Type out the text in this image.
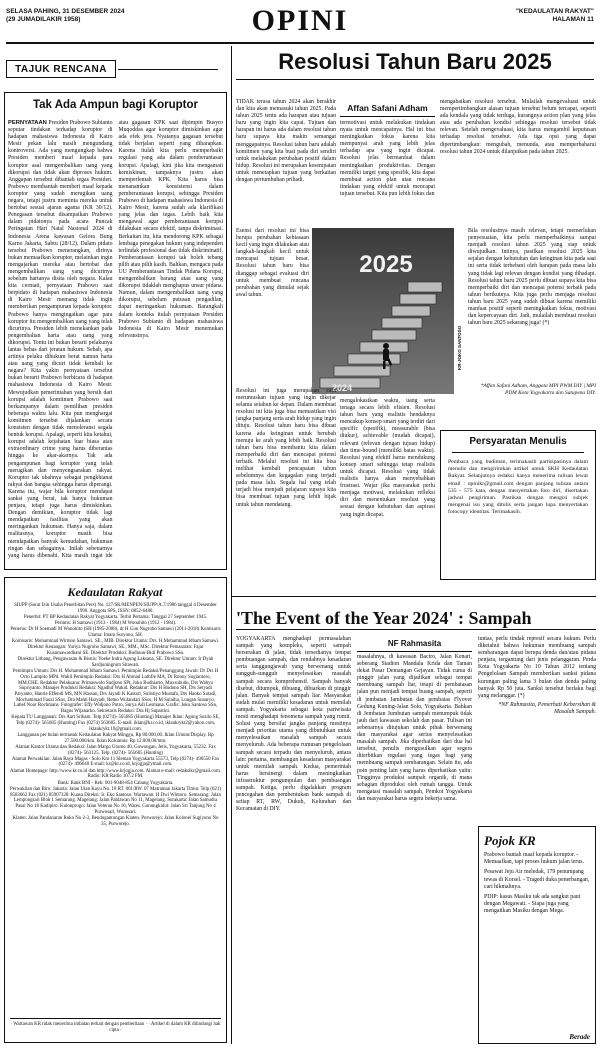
SELASA PAHING, 31 DESEMBER 2024
(29 JUMADILAKIR 1958)	OPINI	"KEDAULATAN RAKYAT"
HALAMAN 11
TAJUK RENCANA
Tak Ada Ampun bagi Koruptor
PERNYATAAN Presiden Prabowo Subianto seputar tindakan terhadap koruptor di hadapan mahasiswa Indonesia di Kairo Mesir pekan lalu masih mengundang kontroversi. Ada yang mengungkap bahwa Presiden memberi maaf kepada para koruptor asal mengembalikan uang yang dikorupsi dan tidak akan diproses hukum. Anggapan tersebut dibantah tegas Presiden. Prabowo membantah memberi maaf kepada koruptor yang sudah merugikan uang negara, tetapi justru meminta mereka untuk bertobat sesuai ajaran agama (KR 30/12). Penegasan tersebut disampaikan Prabowo dalam pidatonya pada acara Puncak Peringatan Hari Natal Nasional 2024 di Indonesia Arena kawasan Gelora Bung Karno Jakarta, Sabtu (28/12). Dalam pidato tersebut Prabowo menerangkan, dirinya bukan memaafkan koruptor, melainkan ingin mengajarkan mereka atau bertobat dan mengembalikan uang yang dicurinya sebelum hartanya disita oleh negara. Kalau kita cermati, pernyataan Prabowo saat berpidato di hadapan mahasiswa Indonesia di Kairo Mesir memang tidak ingin memberikan pengampunan kepada koruptor. Prabowo hanya mengingatkan agar para koruptor itu mengembalikan uang yang telah dicurinya. Presiden lebih menekankan pada pengembalian harta atau uang yang dikorupsi. Tentu ini bukan berarti pelakunya lantas bebas dari jeratan hukum. Sebab, apa artinya pelaku dihukum berat namun harta atau uang yang dicuri tidak kembali ke negara? Kita yakin pernyataan tersebut bukan berarti Prabowo berbicara di hadapan mahasiswa Indonesia di Kairo Mesir. Mewujudkan pemerintahan yang bersih dari korupsi adalah komitmen Prabowo saat berkampanye dalam pemilihan presiden beberapa waktu lalu. Kita pun menghargai komitmen tersebut dijalankan secara konsisten dengan tidak menoleransi segala bentuk korupsi. Apalagi, seperti kita ketahui, korupsi adalah kejahatan luar biasa atau extraordinary crime yang harus diberantas hingga ke akar-akarnya. Tak ada pengampunan bagi koruptor yang telah merugikan dan menyengsarakan rakyat. Koruptor tak ubahnya sebagai pengkhianat rakyat dan bangsa sehingga harus diperangi. Karena itu, wajar bila koruptor mendapat sanksi yang berat, tak hanya hukuman penjara, tetapi juga harus dimiskinkan. Dengan demikian, koruptor tidak lagi mendapatkan fasilitas yang akan meringankan hukuman. Hanya saja, dalam realitasnya, koruptor masih bisa mendapatkan banyak kemudahan, hukuman ringan dan sebagainya. Inilah sebenarnya yang harus dibenahi. Kita masih ingat ide atau gagasan KPK saat dipimpin Busyro Muqoddas agar koruptor dimiskinkan agar ada efek jera. Nyatanya gagasan tersebut tidak berjalan seperti yang diharapkan. Karena itulah kita perlu memperbaiki regulasi yang ada dalam pemberantasan korupsi. Apalagi, kini jika kita mengamati kemiskinan, tampaknya justru akan memperlemah KPK. Kita harus bisa menanamkan konsistensi dalam pemberantasan korupsi, sehingga Presiden Prabowo di hadapan mahasiswa Indonesia di Kairo Mesir, karena sudah ada klarifikasi yang jelas dan tegas. Lebih baik kita mengawal agar pemberantasan korupsi dilakukan secara efektif, tanpa diskriminasi. Berkaitan itu, kita mendorong KPK sebagai lembaga penegakan hukum yang independen terlindak profesional dan tidak diskriminatif. Pemberantasan korupsi tak boleh tebang pilih atau pilih kasih. Bahkan, mengacu pada UU Pemberantasan Tindak Pidana Korupsi, mengembalikan barang atau uang yang dikorupsi tidaklah menghapus unsur pidana. Namun, dalam mengembalikan uang yang dikorupsi, sebelum putusan pengadilan, dapat meringankan hukuman. Barangkali dalam konteks itulah pernyataan Presiden Prabowo Subianto di hadapan mahasiswa Indonesia di Kairo Mesir menemukan relevansinya.
Kedaulatan Rakyat

SIUPP (Surat Izin Usaha Penerbitan Pers) No. 127/SK/MENPEN/SIUPP/A.7/1986 tanggal 4 Desember 1990. Anggota SPS, ISSN: 0852-6486.

Penerbit: PT BP Kedaulatan Rakyat Yogyakarta. Terbit Pertama: Tanggal 27 September 1945.

Perintis: H Samawi (1913 - 1984) M Wonohito (1912 - 1984).

Penerus: Dr H Soemadi M Wonohito (SH (1985-2008), dr H Gun Nugroho Samawi (2011-2018) Komisaris Utama: Imam Suryono, SH.

Komisaris: Mohammad Wirmon Samawi, SE., MIB. Direktur Utama: Drs. H.Mohammad Idham Samawi.

Direktur Keuangan: Yuriya Nugroho Samawi, SE., MM., MSc. Direktur Pemasaran: Fajar Kusumawardhani SE. Direktur Produksi: Budiono-Bidi Prabowo SSn.

Direktur Litbang, Pengawasan & Bisnis: Yoeke Indra Agung Laksana, SE. Direktur Umum: Ir Dyah Sardjuningrum Sitawati.

Pemimpin Umum: Drs H. Mohammad Idham Samawi. Pemimpin Redaksi/Penanggung Jawab: Dr Drs H Octo Lampito MPd. Wakil Pemimpin Redaksi: Drs H Ahmad Luthfie MA, Dr Ronny Sugiantoro, MM,CHE. Redaktur Pelaksana: Primaswolo Sudjono SPt, Joko Budhiarto, Muxsubudu, Drs Wahyu Supriyanto. Manajer Produksi Redaksi: Ngadiuf Wakid. Redaktur: Drs H Hudono SH, Drs Setyadi Paryanto, Hanrie Effendi MS, MN Hassan, Drs Jayadi K Kastari, Sulistiyo Mustafa, Drs Haoko Sutadi, Mochammad Fauzi SSos, Dra Mahti Haryadi, Retno Wulandari SSos, H M Sulaiha, Lungan Sunaryo, Latief Noor Rochmans. Fotografer: Effy Widjono Putro, Surya Adi Lesmana. Grafis: Joko Santoso SSn, Bagus Wijanarko. Sekretaris Redaksi: Dra Hj Supartini.

Kepala TU Langganan: Drs Aart Sriham. Telp (0274)- 565685 (Hunting) Manajer Iklan: Agung Susilo SE, Telp (0274)- 565685 (Hunting) Fax (0274) 563685. E-mail: iklan@kr.co.id, iklankrykt2@yahoo.com, iklankrykt.19@gmail.com.

Langganan per bulan termasuk Kedaulatan Rakyat Minggu, Rp 80.000,00. Iklan Umum/Display. Rp 27.500.000/km. Iklan Kolumnis: Rp 12.000,00/mm.

Alamat Kantor Utama dan Redaksi: Jalan Margo Utomo 40, Gowongan, Jetis, Yogyakarta, 55232. Fax (0274)- 563125. Telp. (0274)- 565685 (Hunting)

Alamat Perwakilan: Jalan Raya Magas - Solo Km 11 Sleman Yogyakarta 55573, Telp (0274)- 496550 Fax (0274)- 496640 E-mail: kr@kr.co.id, krjogja@ymail.com.

Alamat Homepage: http://www.kr.co.id dan http://www.krjogja.com. Alamat e-mail: redaksikr@gmail.com. Radio: KR Radio 107.2 FM.

Bank: Bank BNI - Rek: 001-9048-854 Cabang Yogyakarta.

Perwakilan dan Biro: Jakarta: Jalan Utan Kayu No. 18 RT. 001/RW. 07 Matraman Jakarta Timur. Telp (021) 8583662 Fax (021) 85907328. Kuasa Direksi: Ir. Eko Santoso. Wartawan: H Dwi Wintoro. Semarang: Jalan Lempongsari Blok 1 Semarang. Magelang: Jalan Pahlawan No 11, Magelang. Surakarta: Jalan Samudra Pasai No 18 Kadipiro. Kulonprogo: Jalan Veteran No 16, Wates. Gunungkidul: Jalan Sri Tanjung No 4 Purwosari, Wonosari.

Klaten: Jalan Pandanaran Ruko No 2-3, Bendogantungan Klaten. Purworejo: Jalan Kolonel Sugiyono No 35, Purworejo.

· Wartawan KR tidak menerima imbalan terkait dengan pemberitaan · · Artikel di dalam KR dilindungi hak cipta ·
Resolusi Tahun Baru 2025
TIDAK terasa tahun 2024 akan berakhir dan kita akan memasuki tahun 2025. Pada tahun 2025 tentu ada harapan atau tujuan baru yang ingin kita capai. Tujuan dan harapan ini harus ada dalam resolusi tahun baru supaya kita makin semangat menggapainya. Resolusi tahun baru adalah komitmen yang kita buat pada diri sendiri untuk melakukan perubahan positif dalam hidup. Resolusi ini merupakan kesempatan untuk menetapkan tujuan yang berkaitan dengan pertumbuhan pribadi.
Affan Safani Adham
termotivasi untuk melakukan tindakan nyata untuk mencapainya. Hal ini bisa meningkatkan fokus karena kita mempunyai arah yang lebih jelas terhadap apa yang ingin dicapai. Resolusi jelas bermanfaat dalam meningkatkan produktivitas. Dengan memiliki target yang spesifik, kita dapat membuat action plan atau rencana tindakan yang efektif untuk mencapai tujuan tersebut. Kita pun lebih fokus dan
mengabaikan resolusi tersebut. Mulailah mengevaluasi untuk mempertimbangkan alasan tujuan tersebut belum tercapai, seperti ada kendala yang tidak terduga, kurangnya action plan yang jelas atau ada perubahan kondisi sehingga resolusi tersebut tidak relevan. Setelah mengevaluasi, kita harus mengambil keputusan terhadap resolusi tersebut. Ada tiga opsi yang dapat dipertimbangkan: mengubah, menunda, atau memperbaharui resolusi tahun 2024 untuk dilanjutkan pada tahun 2025.
Esensi dari resolusi ini bisa berupa perubahan kebiasaan kecil yang ingin dilakukan atau langkah-langkah kecil untuk mencapai tujuan besar. Resolusi tahun baru bisa dianggap sebagai evaluasi diri untuk membuat rencana perubahan yang dimulai sejak awal tahun.
2025
2024
KR-JOKO SANTOSO
Bila resolusinya masih relevan, tetapi memerlukan penyesuaian, kita perlu memperbaikinya sampai menjadi resolusi tahun 2025 yang siap untuk diwujudkan. Intinya, pastikan resolusi 2025 kita sejalan dengan kebutuhan dan keinginan kita pada saat ini serta tidak terbebani oleh harapan pada masa lalu yang tidak lagi relevan dengan kondisi yang dihadapi. Resolusi tahun baru 2025 perlu dibuat supaya kita bisa memperbaiki diri dan mencapai potensi terbaik pada tahun berikutnya. Kita juga perlu menjaga resolusi tahun baru 2025 yang sudah dibuat karena memiliki manfaat positif seperti meningkatkan fokus, motivasi dan kepercayaan diri. Jadi, mulailah membuat resolusi tahun baru 2025 sekarang juga! (*)
*Affan Safani Adham, Anggota MPI PWM DIY | MPI PDM Kota Yogyakarta dan Satupena DIY.
Resolusi ini juga merupakan cara merumuskan tujuan yang ingin dikejar selama setahun ke depan. Dalam membuat resolusi ini kita juga bisa memastikan visi jangka panjang serta arah hidup yang ingin dituju. Resolusi tahun baru bisa dibuat karena ada keinginan untuk berubah menuju ke arah yang lebih baik. Resolusi tahun baru bisa membantu kita dalam memperbaiki diri dan mencapai potensi terbaik. Melalui resolusi ini kita bisa melihat kembali pencapaian tahun sebelumnya dan kegagalan yang terjadi pada masa lalu. Segala hal yang telah terjadi bisa menjadi pelajaran supaya kita bisa membuat tujuan yang lebih bijak untuk tahun mendatang.
mengalokasikan waktu, uang serta tenaga secara lebih efisien. Resolusi tahun baru yang realistis hendaknya mencakup konsep smart yang terdiri dari specific (spesifik), measurable (bisa diukur), achievable (mudah dicapai), relevant (relevan dengan tujuan hidup) dan time-bound (memiliki batas waktu). Resolusi yang efektif harus mendukung konsep smart sehingga tetap realistis untuk dicapai. Resolusi yang tidak realistis hanya akan menyebabkan frustrasi. Wajar jika masyarakat perlu menjaga motivasi, melakukan refleksi diri dan menentukan resolusi yang sesuai dengan kebutuhan dan aspirasi yang ingin dicapai.
Persyaratan Menulis
Pembaca yang budiman, terimakasih partisipasinya dalam menulis dan mengirimkan artikel untuk SKH Kedaulatan Rakyat. Selanjutnya redaksi hanya menerima tulisan lewat email : opinikr@gmail.com dengan panjang tulisan antara 535 - 575 kata, dengan menyertakan foto diri, disertakan jadwal pengiriman. Pastikan dengan mengisi subjek mengenai isu yang ditulis serta jangan lupa menyertakan fotocopy identitas. Terimakasih.
'The Event of the Year 2024' : Sampah
YOGYAKARTA menghadapi permasalahan sampah yang kompleks, seperti sampah berserakan di jalan, tidak tersedianya tempat pembuangan sampah, dan rendahnya kesadaran serta tanggungjawab yang berwenang untuk sungguh-sungguh menyelesaikan masalah sampah secara komprehensif. Sampah banyak disebut, ditumpuk, dibuang, dibiarkan di pinggir jalan. Banyak tempat sampah liar. Masyarakat sudah mulai memiliki kesadaran untuk memilah sampah. Yogyakarta sebagai kota pariwisata mesti menghadapi fenomena sampah yang rumit. Solusi yang bersifat jangka panjang mestinya menjadi prioritas utama yang dibutuhkan untuk menyelesaikan masalah sampah secara menyeluruh. Ada beberapa rumusan pengelolaan sampah secara terpadu dan menyeluruh, antara lain: pertama, membangun kesadaran masyarakat untuk memilah sampah. Kedua, pemerintah harus bersinergi dalam meningkatkan infrastruktur pengumpulan dan pembuangan sampah. Ketiga, perlu digalakkan program pencegahan dan pembentukan bank sampah di setiap RT, RW, Dukuh, Kelurahan dan Kecamatan di DIY.
NF Rahmasita
masalahnya, di kawasan Baciro, Jalan Kenari, seberang Stadion Mandala Krida dan Taman dekat Pasar Demangan Gejayan. Tidak cuma di pinggir jalan yang dijadikan sebagai tempat membuang sampah liar, tetapi di pembatasan jalan pun menjadi tempat buang sampah, seperti di jembatan Jambutan dan pembatas Flyover Gedung Kuning-Jalan Solo, Yogyakarta. Bahkan di Jembatan Jumbutan sampah menumpuk tidak jauh dari kawasan sekolah dan pasar. Tulisan ini sebenarnya ditujukan untuk pihak berwenang dan masyarakat agar serius menyelesaikan masalah sampah. Jika diperhatikan dari dua hal tersebut, penulis mengusulkan agar segera diterbitkan regulasi yang tegas bagi yang membuang sampah sembarangan. Selain itu, ada poin penting lain yang harus diperhatikan yaitu: Tingginya produksi sampah organik, di mana sebagian diproduksi oleh rumah tangga. Untuk mengatasi masalah sampah, Pemkot Yogyakarta dan masyarakat harus segera bekerja sama.
tuntas, perlu tindak represif secara hukum. Perlu diketahui bahwa hukuman membuang sampah sembarangan dapat berupa denda dan/atau pidana penjara, tergantung dari jenis pelanggaran. Perda Kota Yogyakarta No 10 Tahun 2012 tentang Pengelolaan Sampah memberikan sanksi pidana kurungan paling lama 3 bulan dan denda paling banyak Rp 50 juta. Sanksi tersebut berlaku bagi yang melanggar. (*)
*NF Rahmasita, Pemerhati Kebersihan & Masalah Sampah.
Pojok KR

Prabowo bantah maaf kepada koruptor. - Memaafkan, tapi proses hukum jalan terus.

Pesawat Jeju Air meledak, 179 penumpang tewas di Korsel. - Tragedi duka penerbangan, cari hikmahnya.

PDIP: kasus Masiku tak ada sangkut paut dengan Megawati. - Siapa juga yang mengaitkan Masiku dengan Mega.

Berade
